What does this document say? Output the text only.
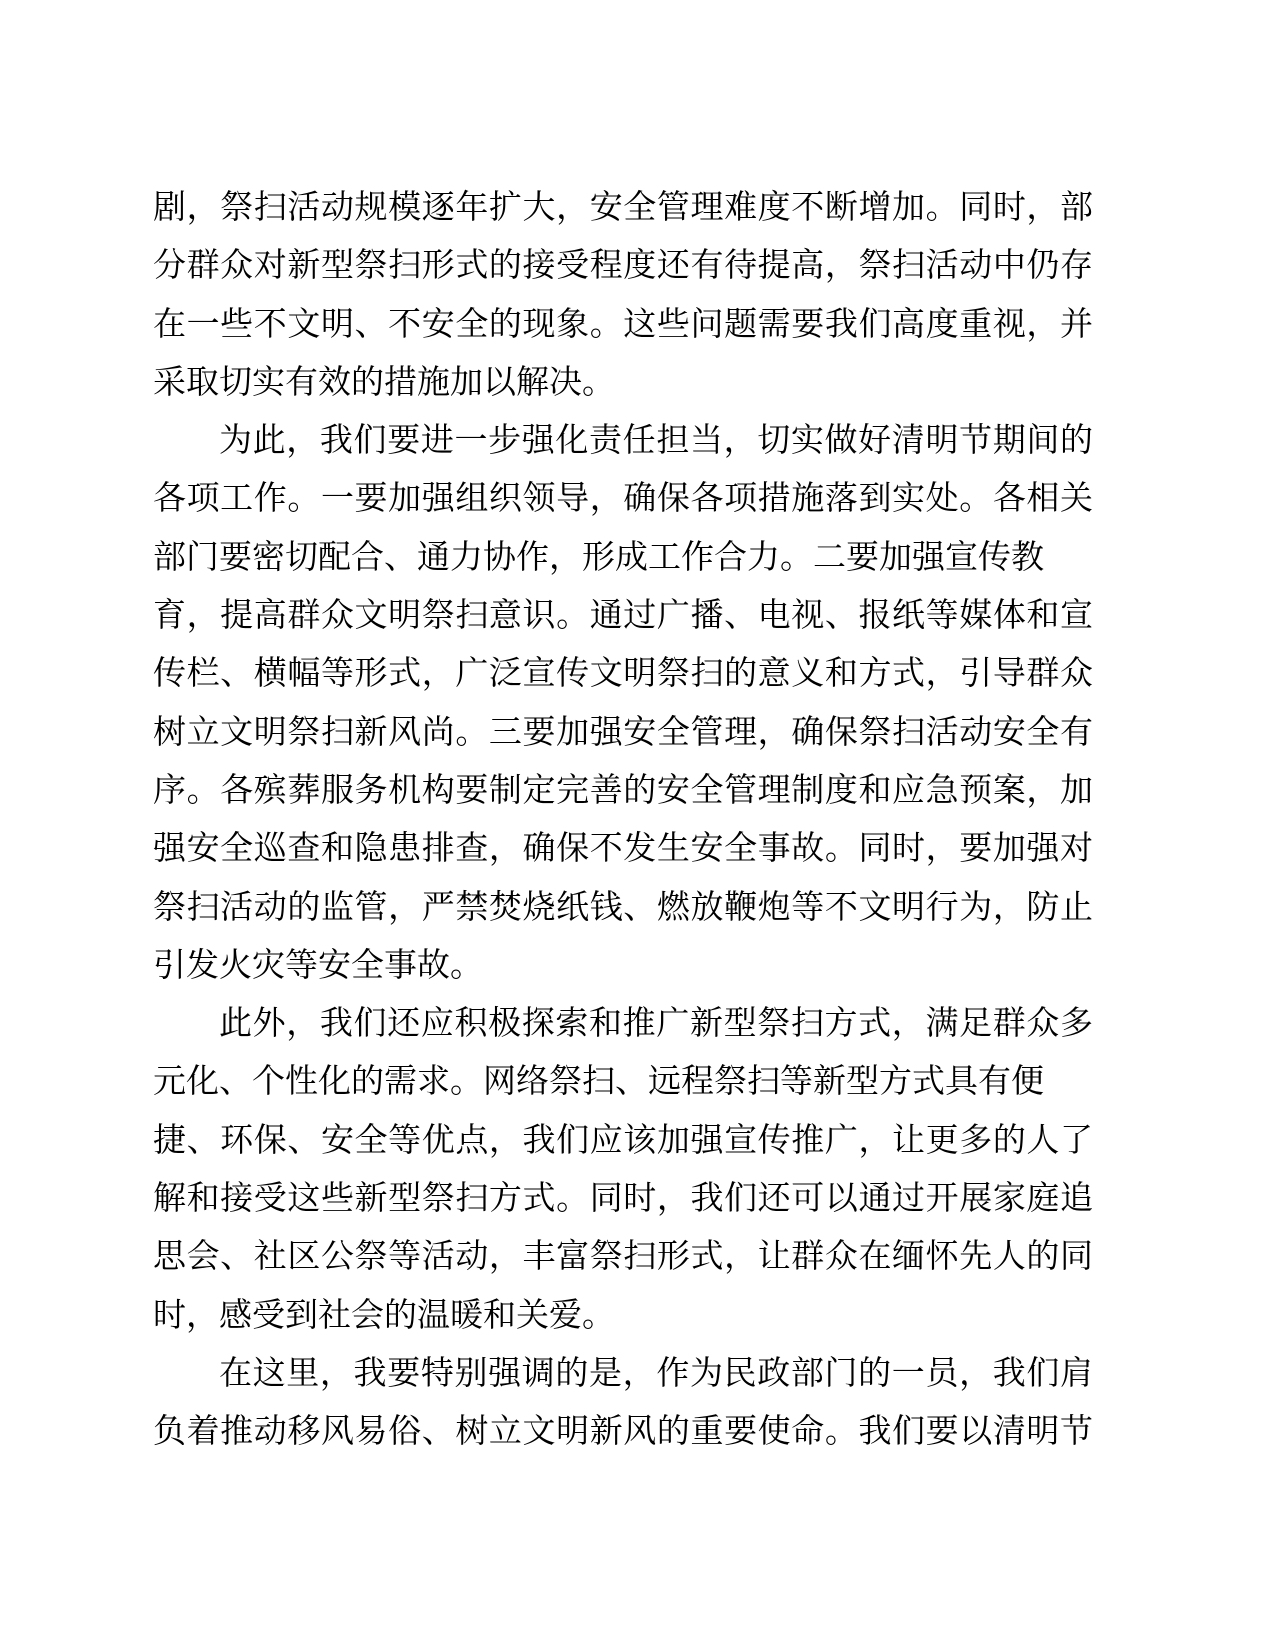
剧，祭扫活动规模逐年扩大，安全管理难度不断增加。同时，部
分群众对新型祭扫形式的接受程度还有待提高，祭扫活动中仍存
在一些不文明、不安全的现象。这些问题需要我们高度重视，并
采取切实有效的措施加以解决。
为此，我们要进一步强化责任担当，切实做好清明节期间的
各项工作。一要加强组织领导，确保各项措施落到实处。各相关
部门要密切配合、通力协作，形成工作合力。二要加强宣传教
育，提高群众文明祭扫意识。通过广播、电视、报纸等媒体和宣
传栏、横幅等形式，广泛宣传文明祭扫的意义和方式，引导群众
树立文明祭扫新风尚。三要加强安全管理，确保祭扫活动安全有
序。各殡葬服务机构要制定完善的安全管理制度和应急预案，加
强安全巡查和隐患排查，确保不发生安全事故。同时，要加强对
祭扫活动的监管，严禁焚烧纸钱、燃放鞭炮等不文明行为，防止
引发火灾等安全事故。
此外，我们还应积极探索和推广新型祭扫方式，满足群众多
元化、个性化的需求。网络祭扫、远程祭扫等新型方式具有便
捷、环保、安全等优点，我们应该加强宣传推广，让更多的人了
解和接受这些新型祭扫方式。同时，我们还可以通过开展家庭追
思会、社区公祭等活动，丰富祭扫形式，让群众在缅怀先人的同
时，感受到社会的温暖和关爱。
在这里，我要特别强调的是，作为民政部门的一员，我们肩
负着推动移风易俗、树立文明新风的重要使命。我们要以清明节
